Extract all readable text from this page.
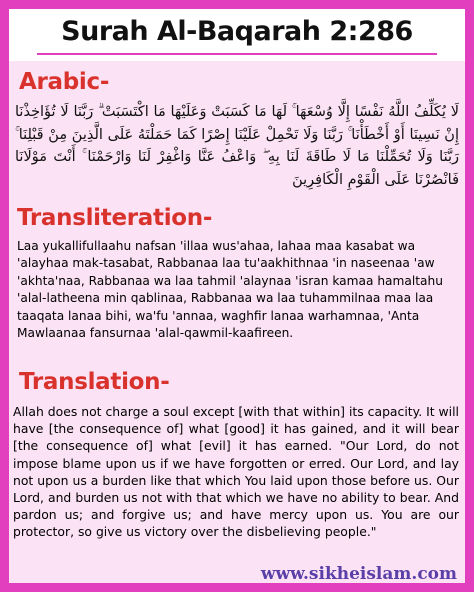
Surah Al-Baqarah 2:286
Arabic-
لَا يُكَلِّفُ اللَّهُ نَفْسًا إِلَّا وُسْعَهَا ۚ لَهَا مَا كَسَبَتْ وَعَلَيْهَا مَا اكْتَسَبَتْ ۗ رَبَّنَا لَا تُؤَاخِذْنَا إِنْ نَسِينَا أَوْ أَخْطَأْنَا ۚ رَبَّنَا وَلَا تَحْمِلْ عَلَيْنَا إِصْرًا كَمَا حَمَلْتَهُ عَلَى الَّذِينَ مِنْ قَبْلِنَا ۚ رَبَّنَا وَلَا تُحَمِّلْنَا مَا لَا طَاقَةَ لَنَا بِهِ ۖ وَاعْفُ عَنَّا وَاغْفِرْ لَنَا وَارْحَمْنَا ۚ أَنْتَ مَوْلَانَا فَانْصُرْنَا عَلَى الْقَوْمِ الْكَافِرِينَ
Transliteration-
Laa yukallifullaahu nafsan 'illaa wus'ahaa, lahaa maa kasabat wa 'alayhaa mak-tasabat, Rabbanaa laa tu'aakhithnaa 'in naseenaa 'aw 'akhta'naa, Rabbanaa wa laa tahmil 'alaynaa 'isran kamaa hamaltahu 'alal-latheena min qablinaa, Rabbanaa wa laa tuhammilnaa maa laa taaqata lanaa bihi, wa'fu 'annaa, waghfir lanaa warhamnaa, 'Anta Mawlaanaa fansurnaa 'alal-qawmil-kaafireen.
Translation-
Allah does not charge a soul except [with that within] its capacity. It will have [the consequence of] what [good] it has gained, and it will bear [the consequence of] what [evil] it has earned. "Our Lord, do not impose blame upon us if we have forgotten or erred. Our Lord, and lay not upon us a burden like that which You laid upon those before us. Our Lord, and burden us not with that which we have no ability to bear. And pardon us; and forgive us; and have mercy upon us. You are our protector, so give us victory over the disbelieving people."
www.sikheislam.com
